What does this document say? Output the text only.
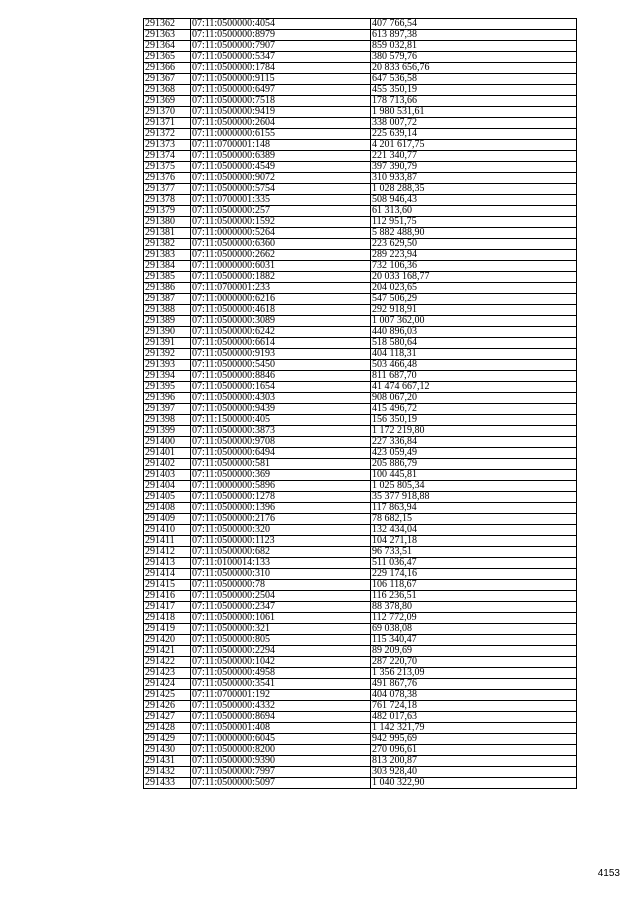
291362	07:11:0500000:4054	407 766,54
291363	07:11:0500000:8979	613 897,38
291364	07:11:0500000:7907	859 032,81
291365	07:11:0500000:5347	380 579,76
291366	07:11:0500000:1784	20 833 656,76
291367	07:11:0500000:9115	647 536,58
291368	07:11:0500000:6497	455 350,19
291369	07:11:0500000:7518	178 713,66
291370	07:11:0500000:9419	1 980 531,61
291371	07:11:0500000:2604	338 007,72
291372	07:11:0000000:6155	225 639,14
291373	07:11:0700001:148	4 201 617,75
291374	07:11:0500000:6389	221 340,77
291375	07:11:0500000:4549	397 390,79
291376	07:11:0500000:9072	310 933,87
291377	07:11:0500000:5754	1 028 288,35
291378	07:11:0700001:335	508 946,43
291379	07:11:0500000:257	61 313,60
291380	07:11:0500000:1592	112 951,75
291381	07:11:0000000:5264	5 882 488,90
291382	07:11:0500000:6360	223 629,50
291383	07:11:0500000:2662	289 223,94
291384	07:11:0000000:6031	732 106,36
291385	07:11:0500000:1882	20 033 168,77
291386	07:11:0700001:233	204 023,65
291387	07:11:0000000:6216	547 506,29
291388	07:11:0500000:4618	292 918,91
291389	07:11:0500000:3089	1 007 362,00
291390	07:11:0500000:6242	440 896,03
291391	07:11:0500000:6614	518 580,64
291392	07:11:0500000:9193	404 118,31
291393	07:11:0500000:5450	503 466,48
291394	07:11:0500000:8846	811 687,70
291395	07:11:0500000:1654	41 474 667,12
291396	07:11:0500000:4303	908 067,20
291397	07:11:0500000:9439	415 496,72
291398	07:11:1500000:405	156 350,19
291399	07:11:0500000:3873	1 172 219,80
291400	07:11:0500000:9708	227 336,84
291401	07:11:0500000:6494	423 059,49
291402	07:11:0500000:581	205 886,79
291403	07:11:0500000:369	100 445,81
291404	07:11:0000000:5896	1 025 805,34
291405	07:11:0500000:1278	35 377 918,88
291408	07:11:0500000:1396	117 863,94
291409	07:11:0500000:2176	78 682,15
291410	07:11:0500000:320	132 434,04
291411	07:11:0500000:1123	104 271,18
291412	07:11:0500000:682	96 733,51
291413	07:11:0100014:133	511 036,47
291414	07:11:0500000:310	229 174,16
291415	07:11:0500000:78	106 118,67
291416	07:11:0500000:2504	116 236,51
291417	07:11:0500000:2347	88 378,80
291418	07:11:0500000:1061	112 772,09
291419	07:11:0500000:321	69 038,08
291420	07:11:0500000:805	115 340,47
291421	07:11:0500000:2294	89 209,69
291422	07:11:0500000:1042	287 220,70
291423	07:11:0500000:4958	1 356 213,09
291424	07:11:0500000:3541	491 867,76
291425	07:11:0700001:192	404 078,38
291426	07:11:0500000:4332	761 724,18
291427	07:11:0500000:8694	482 017,63
291428	07:11:0500001:408	1 142 321,79
291429	07:11:0000000:6045	942 995,69
291430	07:11:0500000:8200	270 096,61
291431	07:11:0500000:9390	813 200,87
291432	07:11:0500000:7997	303 928,40
291433	07:11:0500000:5097	1 040 322,90
4153
